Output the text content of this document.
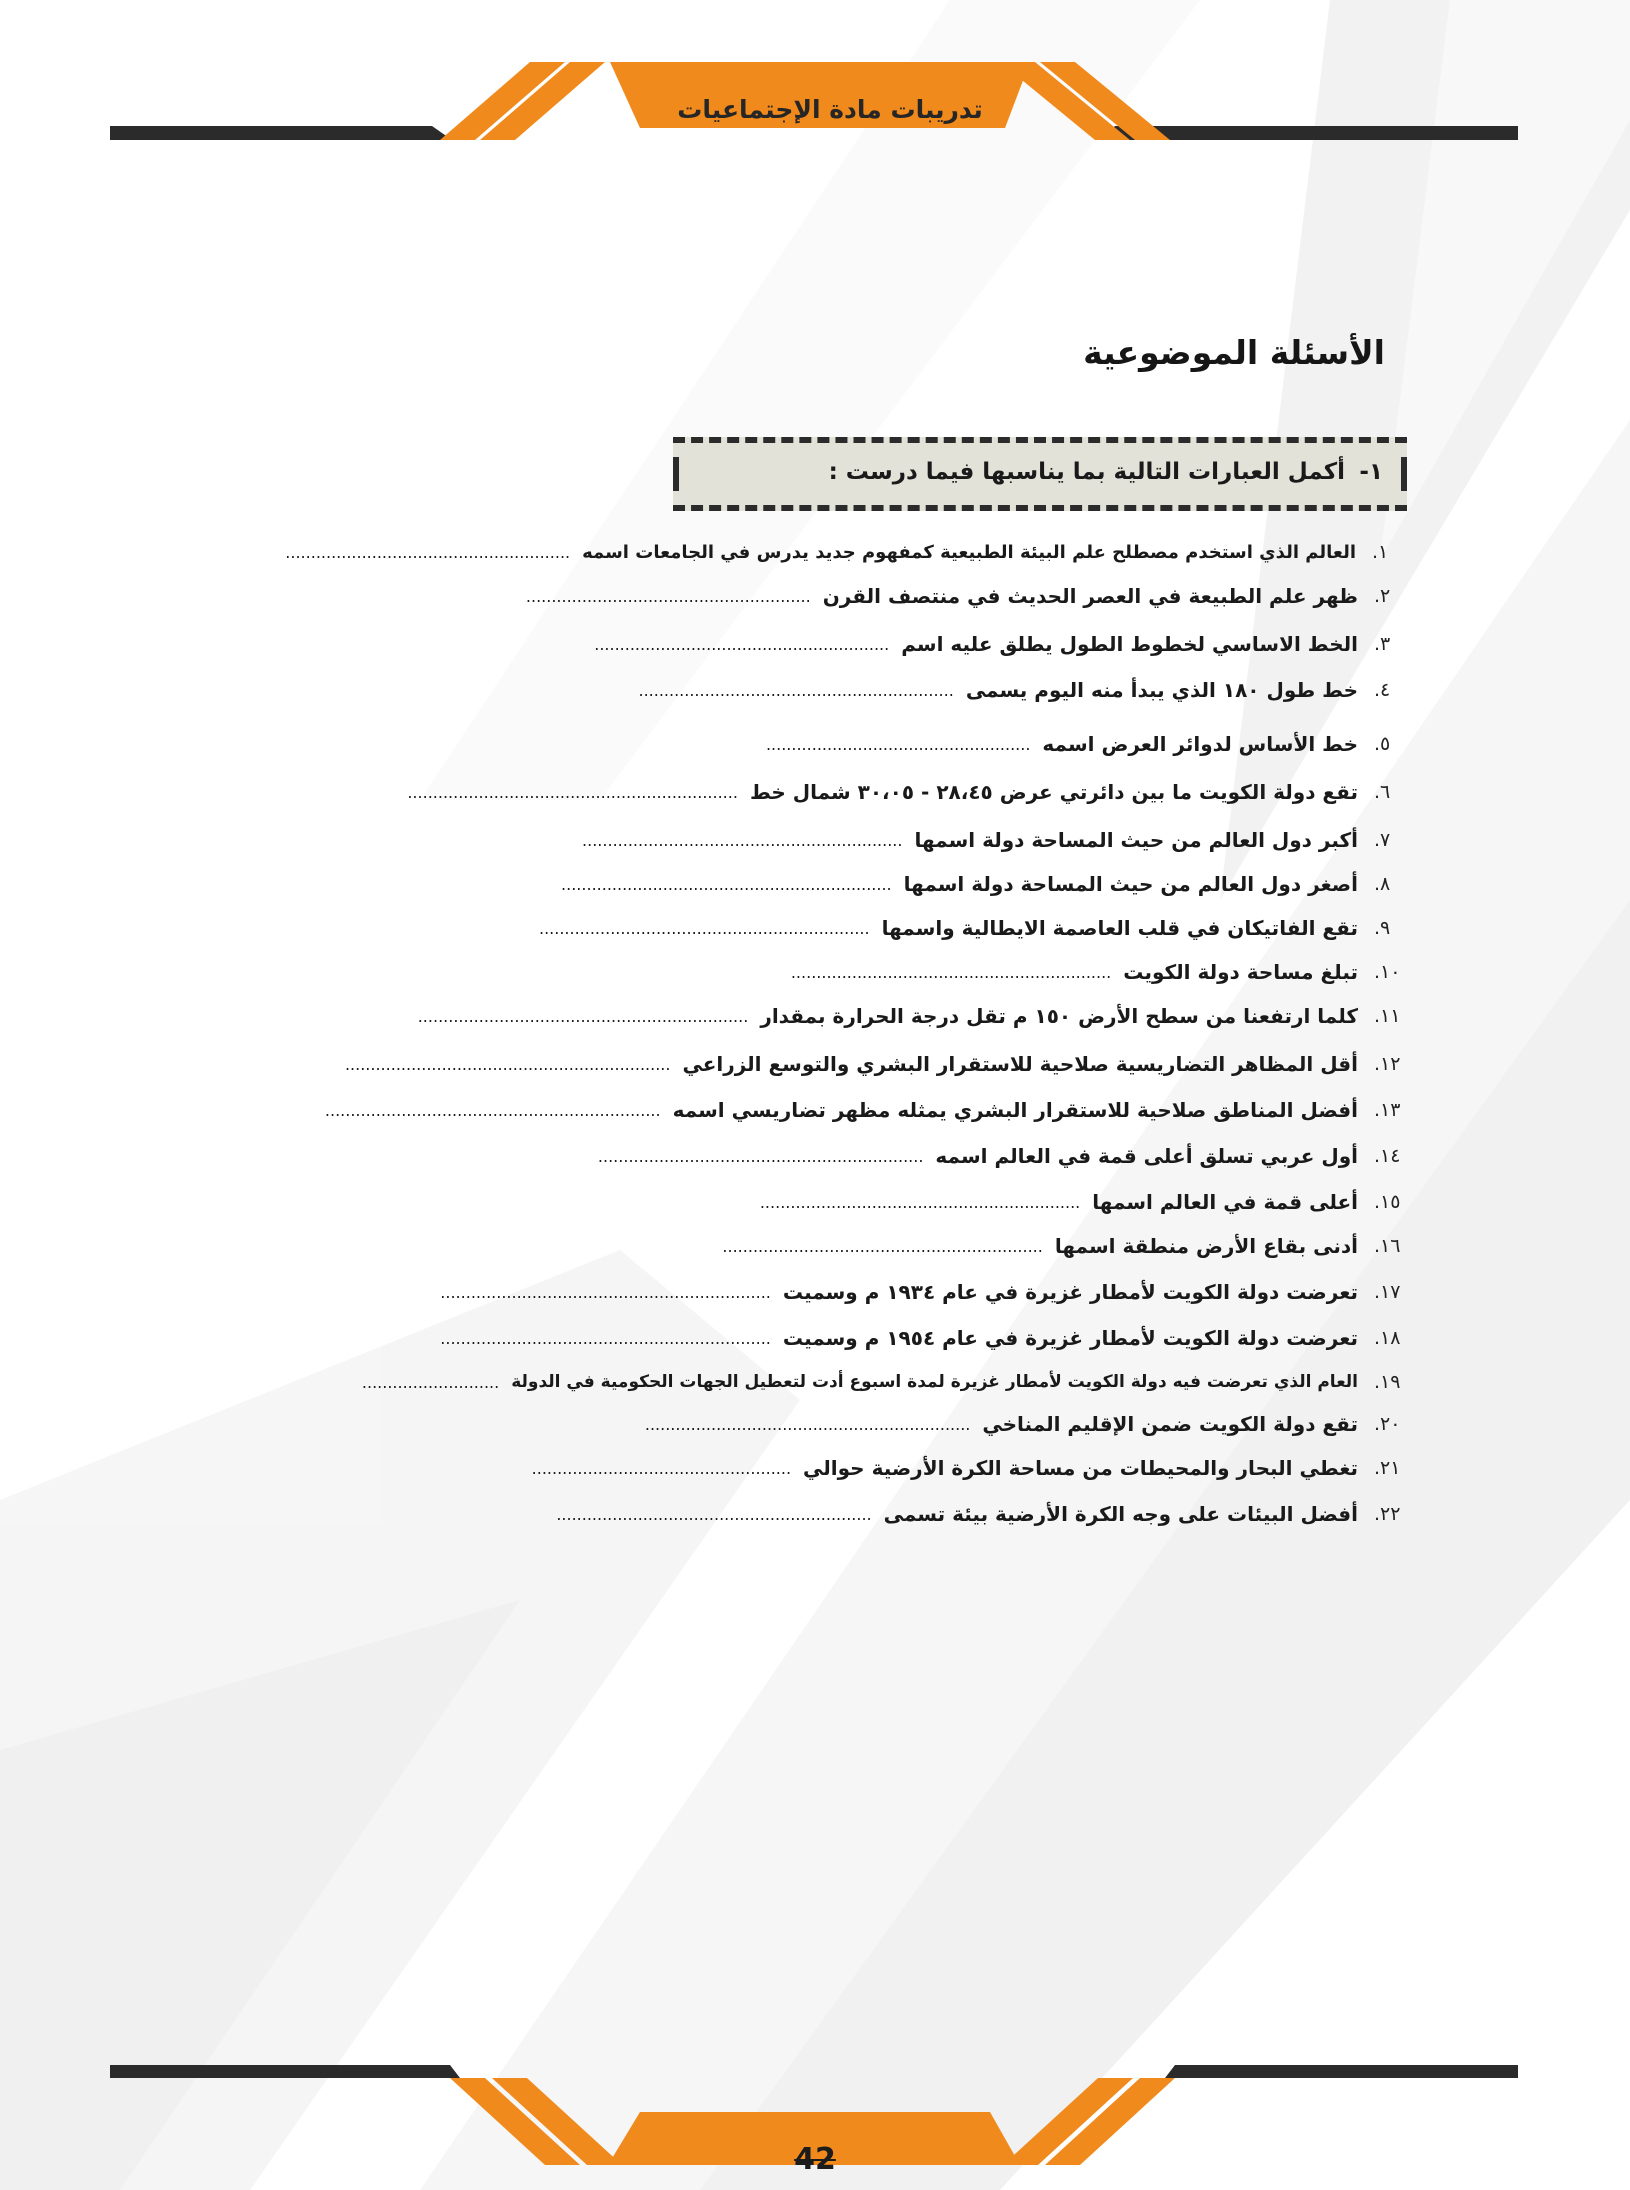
تدريبات مادة الإجتماعيات
الأسئلة الموضوعية
١-
أكمل العبارات التالية بما يناسبها فيما درست :
١.
العالم الذي استخدم مصطلح علم البيئة الطبيعية كمفهوم جديد يدرس في الجامعات اسمه
........................................................
٢.
ظهر علم الطبيعة في العصر الحديث في منتصف القرن
........................................................
٣.
الخط الاساسي لخطوط الطول يطلق عليه اسم
..........................................................
٤.
خط طول ١٨٠ الذي يبدأ منه اليوم يسمى
..............................................................
٥.
خط الأساس لدوائر العرض اسمه
....................................................
٦.
تقع دولة الكويت ما بين دائرتي عرض ٢٨،٤٥ - ٣٠،٠٥ شمال خط
.................................................................
٧.
أكبر دول العالم من حيث المساحة دولة اسمها
...............................................................
٨.
أصغر دول العالم من حيث المساحة دولة اسمها
.................................................................
٩.
تقع الفاتيكان في قلب العاصمة الايطالية واسمها
.................................................................
١٠.
تبلغ مساحة دولة الكويت
...............................................................
١١.
كلما ارتفعنا من سطح الأرض ١٥٠ م تقل درجة الحرارة بمقدار
.................................................................
١٢.
أقل المظاهر التضاريسية صلاحية للاستقرار البشري والتوسع الزراعي
................................................................
١٣.
أفضل المناطق صلاحية للاستقرار البشري يمثله مظهر تضاريسي اسمه
..................................................................
١٤.
أول عربي تسلق أعلى قمة في العالم اسمه
................................................................
١٥.
أعلى قمة في العالم اسمها
...............................................................
١٦.
أدنى بقاع الأرض منطقة اسمها
...............................................................
١٧.
تعرضت دولة الكويت لأمطار غزيرة في عام ١٩٣٤ م وسميت
.................................................................
١٨.
تعرضت دولة الكويت لأمطار غزيرة في عام ١٩٥٤ م وسميت
.................................................................
١٩.
العام الذي تعرضت فيه دولة الكويت لأمطار غزيرة لمدة اسبوع أدت لتعطيل الجهات الحكومية في الدولة
...........................
٢٠.
تقع دولة الكويت ضمن الإقليم المناخي
................................................................
٢١.
تغطي البحار والمحيطات من مساحة الكرة الأرضية حوالي
...................................................
٢٢.
أفضل البيئات على وجه الكرة الأرضية بيئة تسمى
..............................................................
42
